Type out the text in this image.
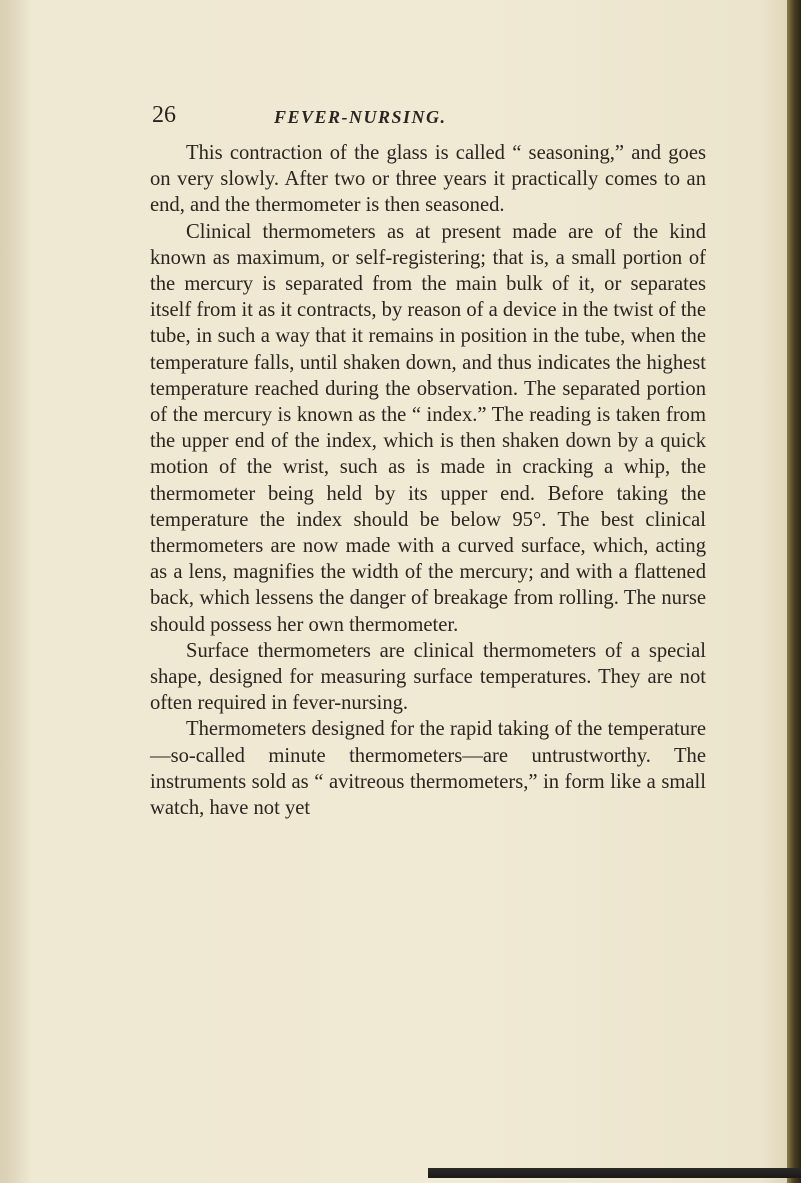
26	FEVER-NURSING.

This contraction of the glass is called “ seasoning,” and goes on very slowly. After two or three years it practically comes to an end, and the thermometer is then seasoned.

Clinical thermometers as at present made are of the kind known as maximum, or self-registering; that is, a small portion of the mercury is separated from the main bulk of it, or separates itself from it as it contracts, by reason of a device in the twist of the tube, in such a way that it remains in position in the tube, when the temperature falls, until shaken down, and thus indicates the highest temperature reached during the observation. The separated portion of the mercury is known as the “ index.” The reading is taken from the upper end of the index, which is then shaken down by a quick motion of the wrist, such as is made in cracking a whip, the thermometer being held by its upper end. Before taking the temperature the index should be below 95°. The best clinical thermometers are now made with a curved surface, which, acting as a lens, magnifies the width of the mercury; and with a flattened back, which lessens the danger of breakage from rolling. The nurse should possess her own thermometer.

Surface thermometers are clinical thermometers of a special shape, designed for measuring surface temperatures. They are not often required in fever-nursing.

Thermometers designed for the rapid taking of the temperature—so-called minute thermometers—are untrustworthy. The instruments sold as “ avitreous thermometers,” in form like a small watch, have not yet
